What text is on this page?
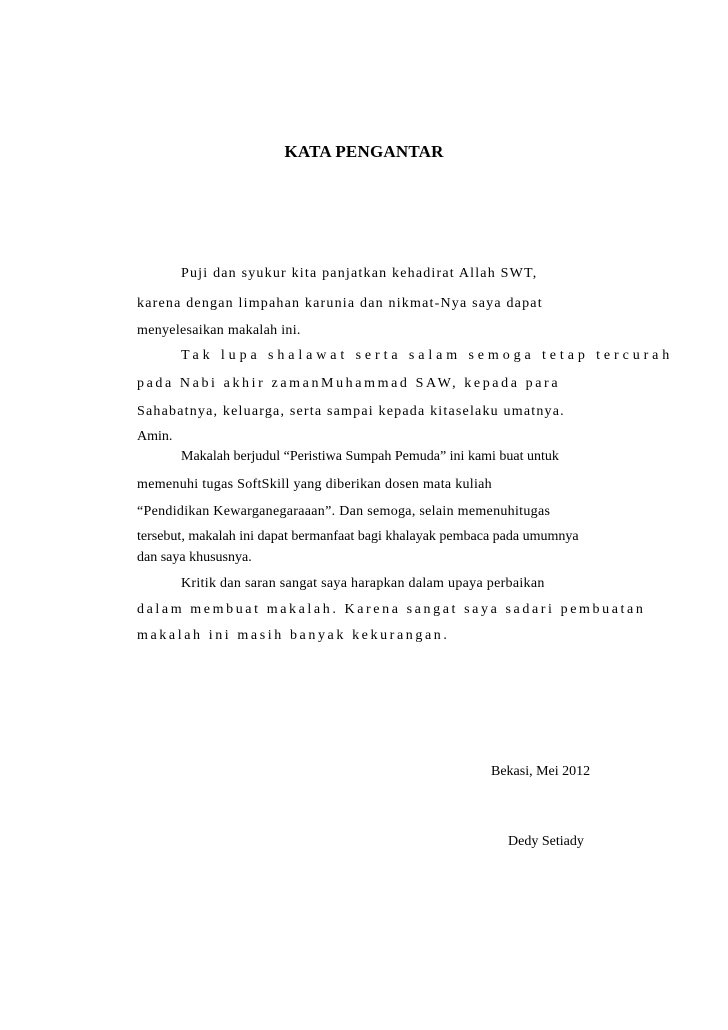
KATA PENGANTAR
Puji dan syukur kita panjatkan kehadirat Allah SWT,
karena dengan limpahan karunia dan nikmat-Nya saya dapat
menyelesaikan makalah ini.
Tak lupa shalawat serta salam semoga tetap tercurah
pada Nabi akhir zamanMuhammad SAW, kepada para
Sahabatnya, keluarga, serta sampai kepada kitaselaku umatnya.
Amin.
Makalah berjudul “Peristiwa Sumpah Pemuda” ini kami buat untuk
memenuhi tugas SoftSkill yang diberikan dosen mata kuliah
“Pendidikan Kewarganegaraaan”. Dan semoga, selain memenuhitugas
tersebut, makalah ini dapat bermanfaat bagi khalayak pembaca pada umumnya
dan saya khususnya.
Kritik dan saran sangat saya harapkan dalam upaya perbaikan
dalam membuat makalah. Karena sangat saya sadari pembuatan
makalah ini masih banyak kekurangan.
Bekasi, Mei 2012
Dedy Setiady
